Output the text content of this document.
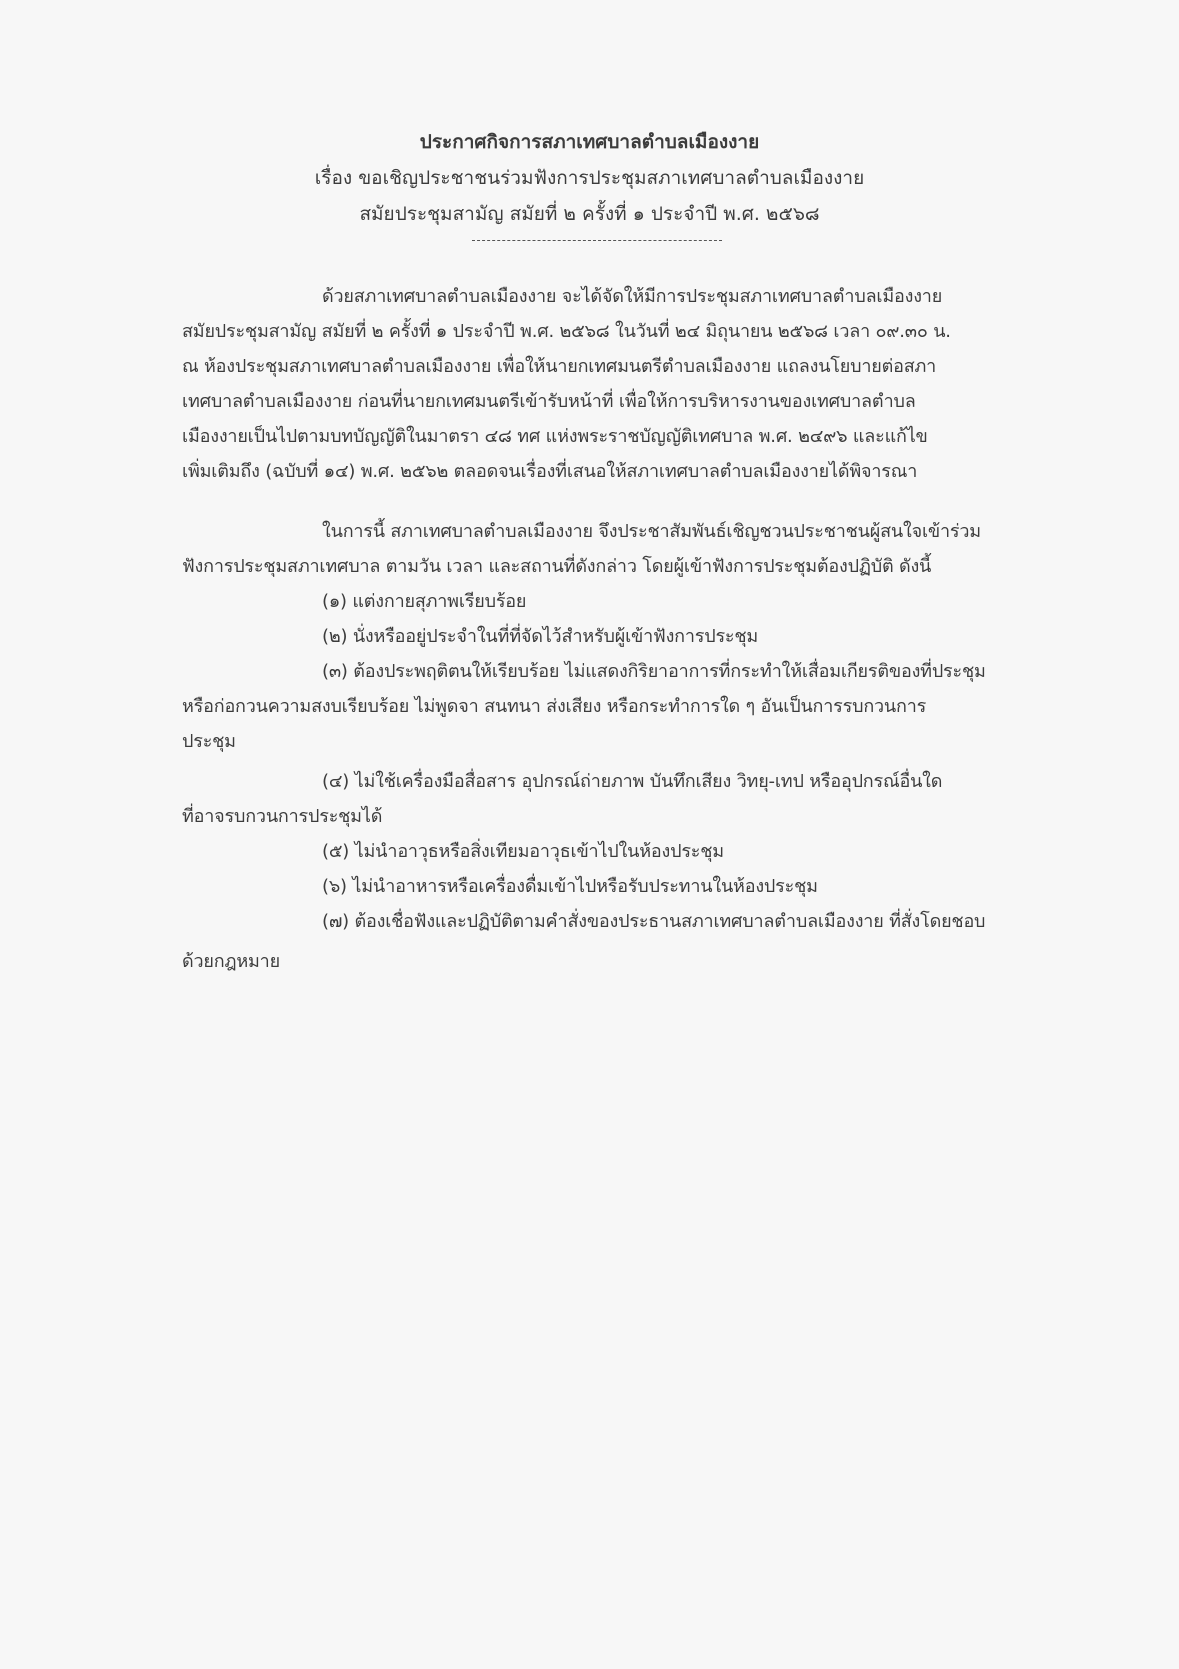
ประกาศกิจการสภาเทศบาลตำบลเมืองงาย
เรื่อง ขอเชิญประชาชนร่วมฟังการประชุมสภาเทศบาลตำบลเมืองงาย
สมัยประชุมสามัญ สมัยที่ ๒ ครั้งที่ ๑ ประจำปี พ.ศ. ๒๕๖๘
ด้วยสภาเทศบาลตำบลเมืองงาย จะได้จัดให้มีการประชุมสภาเทศบาลตำบลเมืองงาย
สมัยประชุมสามัญ สมัยที่ ๒ ครั้งที่ ๑ ประจำปี พ.ศ. ๒๕๖๘ ในวันที่ ๒๔ มิถุนายน ๒๕๖๘ เวลา ๐๙.๓๐ น.
ณ ห้องประชุมสภาเทศบาลตำบลเมืองงาย เพื่อให้นายกเทศมนตรีตำบลเมืองงาย แถลงนโยบายต่อสภา
เทศบาลตำบลเมืองงาย ก่อนที่นายกเทศมนตรีเข้ารับหน้าที่ เพื่อให้การบริหารงานของเทศบาลตำบล
เมืองงายเป็นไปตามบทบัญญัติในมาตรา ๔๘ ทศ แห่งพระราชบัญญัติเทศบาล พ.ศ. ๒๔๙๖ และแก้ไข
เพิ่มเติมถึง (ฉบับที่ ๑๔) พ.ศ. ๒๕๖๒ ตลอดจนเรื่องที่เสนอให้สภาเทศบาลตำบลเมืองงายได้พิจารณา
ในการนี้ สภาเทศบาลตำบลเมืองงาย จึงประชาสัมพันธ์เชิญชวนประชาชนผู้สนใจเข้าร่วม
ฟังการประชุมสภาเทศบาล ตามวัน เวลา และสถานที่ดังกล่าว โดยผู้เข้าฟังการประชุมต้องปฏิบัติ ดังนี้
(๑) แต่งกายสุภาพเรียบร้อย
(๒) นั่งหรืออยู่ประจำในที่ที่จัดไว้สำหรับผู้เข้าฟังการประชุม
(๓) ต้องประพฤติตนให้เรียบร้อย ไม่แสดงกิริยาอาการที่กระทำให้เสื่อมเกียรติของที่ประชุม
หรือก่อกวนความสงบเรียบร้อย ไม่พูดจา สนทนา ส่งเสียง หรือกระทำการใด ๆ อันเป็นการรบกวนการ
ประชุม
(๔) ไม่ใช้เครื่องมือสื่อสาร อุปกรณ์ถ่ายภาพ บันทึกเสียง วิทยุ-เทป หรืออุปกรณ์อื่นใด
ที่อาจรบกวนการประชุมได้
(๕) ไม่นำอาวุธหรือสิ่งเทียมอาวุธเข้าไปในห้องประชุม
(๖) ไม่นำอาหารหรือเครื่องดื่มเข้าไปหรือรับประทานในห้องประชุม
(๗) ต้องเชื่อฟังและปฏิบัติตามคำสั่งของประธานสภาเทศบาลตำบลเมืองงาย ที่สั่งโดยชอบ
ด้วยกฎหมาย
